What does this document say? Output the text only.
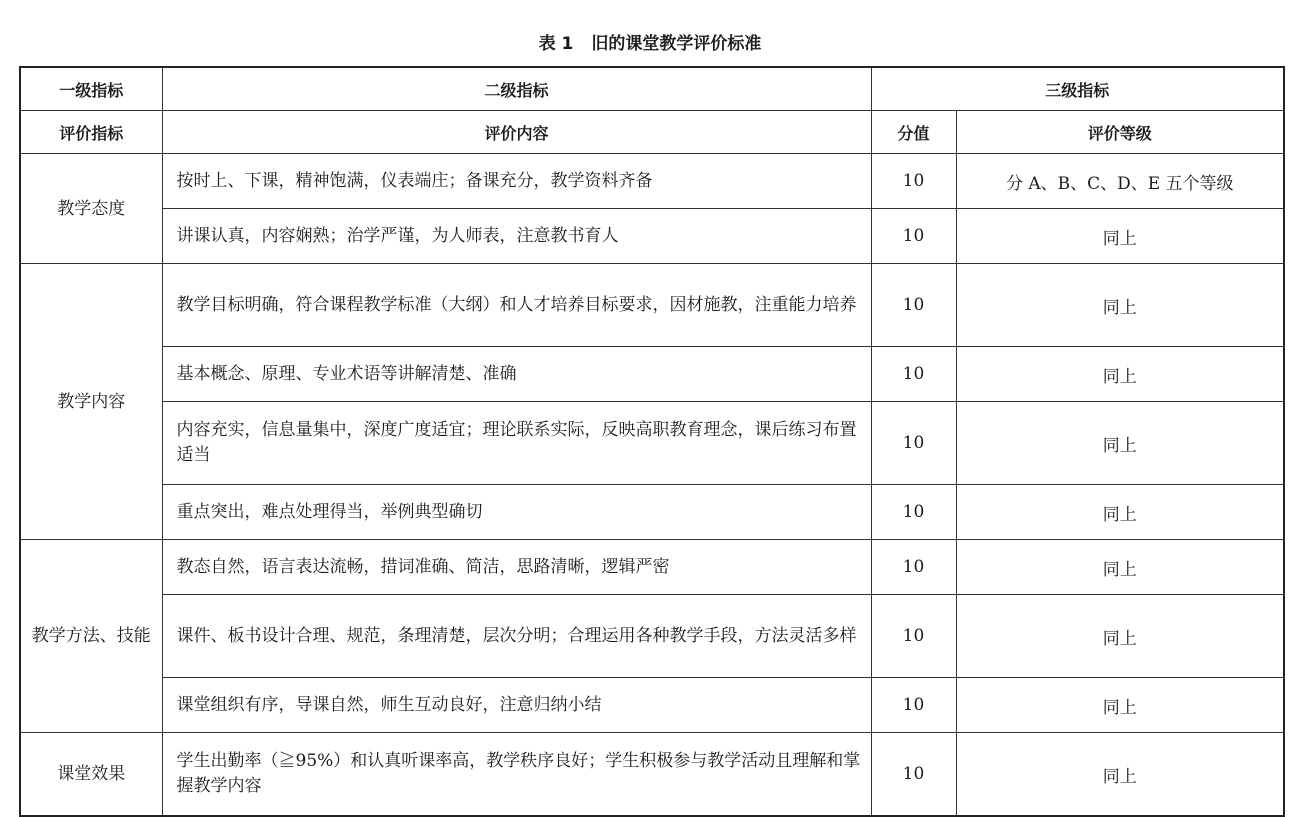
表 1 旧的课堂教学评价标准
一级指标	二级指标	三级指标	
评价指标	评价内容	分值	评价等级
教学态度	按时上、下课，精神饱满，仪表端庄；备课充分，教学资料齐备	10	分 A、B、C、D、E 五个等级
	讲课认真，内容娴熟；治学严谨，为人师表，注意教书育人	10	同上
教学内容	教学目标明确，符合课程教学标准（大纲）和人才培养目标要求，因材施教，注重能力培养	10	同上
	基本概念、原理、专业术语等讲解清楚、准确	10	同上
	内容充实，信息量集中，深度广度适宜；理论联系实际，反映高职教育理念，课后练习布置适当	10	同上
	重点突出，难点处理得当，举例典型确切	10	同上
教学方法、技能	教态自然，语言表达流畅，措词准确、简洁，思路清晰，逻辑严密	10	同上
	课件、板书设计合理、规范，条理清楚，层次分明；合理运用各种教学手段，方法灵活多样	10	同上
	课堂组织有序，导课自然，师生互动良好，注意归纳小结	10	同上
课堂效果	学生出勤率（≧95%）和认真听课率高，教学秩序良好；学生积极参与教学活动且理解和掌握教学内容	10	同上
